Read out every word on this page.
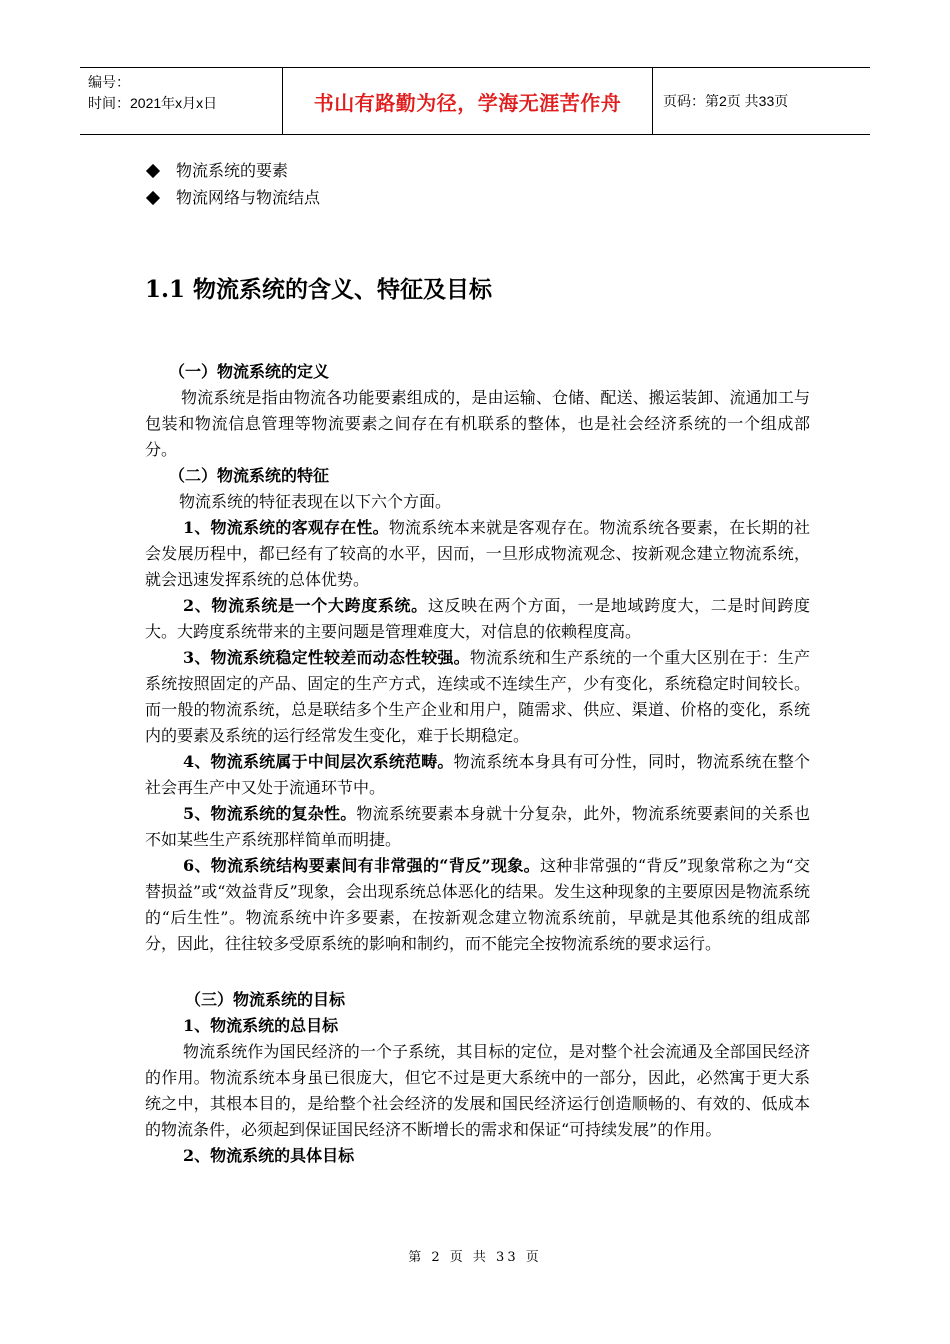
编号：
时间：2021年x月x日	书山有路勤为径，学海无涯苦作舟	页码：第2页 共33页
物流系统的要素
物流网络与物流结点
1.1 物流系统的含义、特征及目标
（一）物流系统的定义

物流系统是指由物流各功能要素组成的，是由运输、仓储、配送、搬运装卸、流通加工与包装和物流信息管理等物流要素之间存在有机联系的整体，也是社会经济系统的一个组成部分。

（二）物流系统的特征

物流系统的特征表现在以下六个方面。

1、物流系统的客观存在性。物流系统本来就是客观存在。物流系统各要素，在长期的社会发展历程中，都已经有了较高的水平，因而，一旦形成物流观念、按新观念建立物流系统，就会迅速发挥系统的总体优势。

2、物流系统是一个大跨度系统。这反映在两个方面，一是地域跨度大，二是时间跨度大。大跨度系统带来的主要问题是管理难度大，对信息的依赖程度高。

3、物流系统稳定性较差而动态性较强。物流系统和生产系统的一个重大区别在于：生产系统按照固定的产品、固定的生产方式，连续或不连续生产，少有变化，系统稳定时间较长。而一般的物流系统，总是联结多个生产企业和用户，随需求、供应、渠道、价格的变化，系统内的要素及系统的运行经常发生变化，难于长期稳定。

4、物流系统属于中间层次系统范畴。物流系统本身具有可分性，同时，物流系统在整个社会再生产中又处于流通环节中。

5、物流系统的复杂性。物流系统要素本身就十分复杂，此外，物流系统要素间的关系也不如某些生产系统那样简单而明捷。

6、物流系统结构要素间有非常强的“背反”现象。这种非常强的“背反”现象常称之为“交替损益”或“效益背反”现象，会出现系统总体恶化的结果。发生这种现象的主要原因是物流系统的“后生性”。物流系统中许多要素，在按新观念建立物流系统前，早就是其他系统的组成部分，因此，往往较多受原系统的影响和制约，而不能完全按物流系统的要求运行。

（三）物流系统的目标
1、物流系统的总目标

物流系统作为国民经济的一个子系统，其目标的定位，是对整个社会流通及全部国民经济的作用。物流系统本身虽已很庞大，但它不过是更大系统中的一部分，因此，必然寓于更大系统之中，其根本目的，是给整个社会经济的发展和国民经济运行创造顺畅的、有效的、低成本的物流条件，必须起到保证国民经济不断增长的需求和保证“可持续发展”的作用。

2、物流系统的具体目标
第 2 页 共 33 页
